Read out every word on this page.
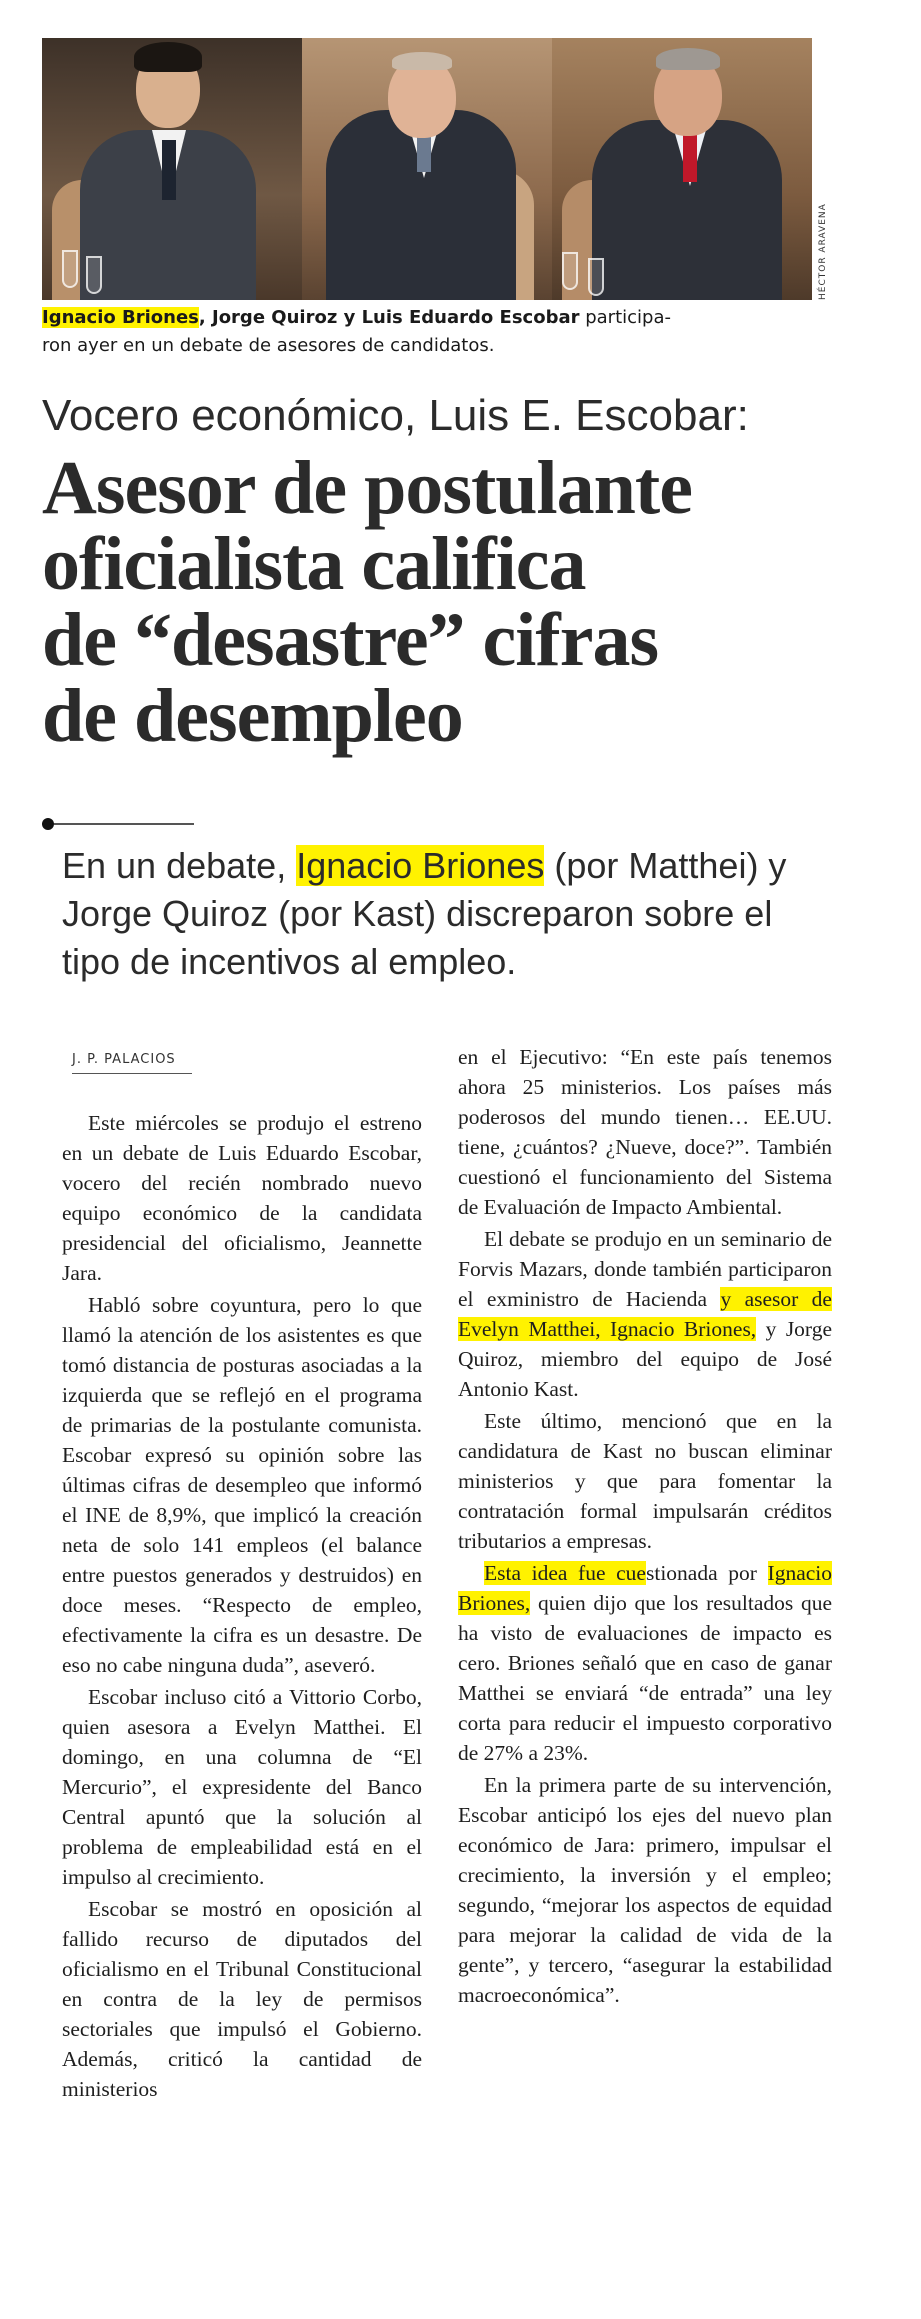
HÉCTOR ARAVENA
Ignacio Briones, Jorge Quiroz y Luis Eduardo Escobar participa-
ron ayer en un debate de asesores de candidatos.
Vocero económico, Luis E. Escobar:
Asesor de postulante
oficialista califica
de “desastre” cifras
de desempleo
En un debate, Ignacio Briones (por Matthei) y Jorge Quiroz (por Kast) discreparon sobre el tipo de incentivos al empleo.
J. P. PALACIOS

Este miércoles se produjo el estreno en un debate de Luis Eduardo Escobar, vocero del recién nombrado nuevo equipo económico de la candidata presidencial del oficialismo, Jeannette Jara.

Habló sobre coyuntura, pero lo que llamó la atención de los asistentes es que tomó distancia de posturas asociadas a la izquierda que se reflejó en el programa de primarias de la postulante comunista. Escobar expresó su opinión sobre las últimas cifras de desempleo que informó el INE de 8,9%, que implicó la creación neta de solo 141 empleos (el balance entre puestos generados y destruidos) en doce meses. “Respecto de empleo, efectivamente la cifra es un desastre. De eso no cabe ninguna duda”, aseveró.

Escobar incluso citó a Vittorio Corbo, quien asesora a Evelyn Matthei. El domingo, en una columna de “El Mercurio”, el expresidente del Banco Central apuntó que la solución al problema de empleabilidad está en el impulso al crecimiento.

Escobar se mostró en oposición al fallido recurso de diputados del oficialismo en el Tribunal Constitucional en contra de la ley de permisos sectoriales que impulsó el Gobierno. Además, criticó la cantidad de ministerios

en el Ejecutivo: “En este país tenemos ahora 25 ministerios. Los países más poderosos del mundo tienen… EE.UU. tiene, ¿cuántos? ¿Nueve, doce?”. También cuestionó el funcionamiento del Sistema de Evaluación de Impacto Ambiental.

El debate se produjo en un seminario de Forvis Mazars, donde también participaron el exministro de Hacienda y asesor de Evelyn Matthei, Ignacio Briones, y Jorge Quiroz, miembro del equipo de José Antonio Kast.

Este último, mencionó que en la candidatura de Kast no buscan eliminar ministerios y que para fomentar la contratación formal impulsarán créditos tributarios a empresas.

Esta idea fue cuestionada por Ignacio Briones, quien dijo que los resultados que ha visto de evaluaciones de impacto es cero. Briones señaló que en caso de ganar Matthei se enviará “de entrada” una ley corta para reducir el impuesto corporativo de 27% a 23%.

En la primera parte de su intervención, Escobar anticipó los ejes del nuevo plan económico de Jara: primero, impulsar el crecimiento, la inversión y el empleo; segundo, “mejorar los aspectos de equidad para mejorar la calidad de vida de la gente”, y tercero, “asegurar la estabilidad macroeconómica”.
